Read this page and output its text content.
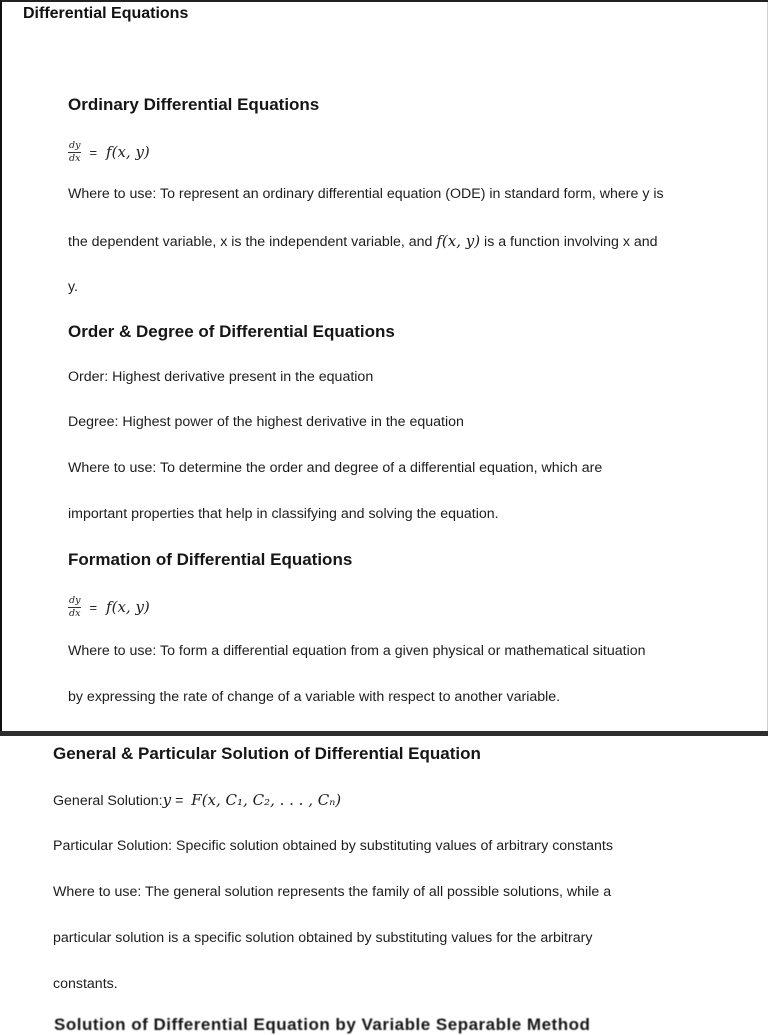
Differential Equations
Ordinary Differential Equations
$\frac{dy}{dx} = f(x$, y)
Where to use: To represent an ordinary differential equation (ODE) in standard form, where y is
the dependent variable, x is the independent variable, and f(x, y) is a function involving x and
y.
Order & Degree of Differential Equations
Order: Highest derivative present in the equation
Degree: Highest power of the highest derivative in the equation
Where to use: To determine the order and degree of a differential equation, which are
important properties that help in classifying and solving the equation.
Formation of Differential Equations
$\frac{dy}{dx} = f(x$, y)
Where to use: To form a differential equation from a given physical or mathematical situation
by expressing the rate of change of a variable with respect to another variable.
General & Particular Solution of Differential Equation
General Solution: y = F(x, C₁, C₂, . . . , Cₙ)
Particular Solution: Specific solution obtained by substituting values of arbitrary constants
Where to use: The general solution represents the family of all possible solutions, while a
particular solution is a specific solution obtained by substituting values for the arbitrary
constants.
Solution of Differential Equation by Variable Separable Method
